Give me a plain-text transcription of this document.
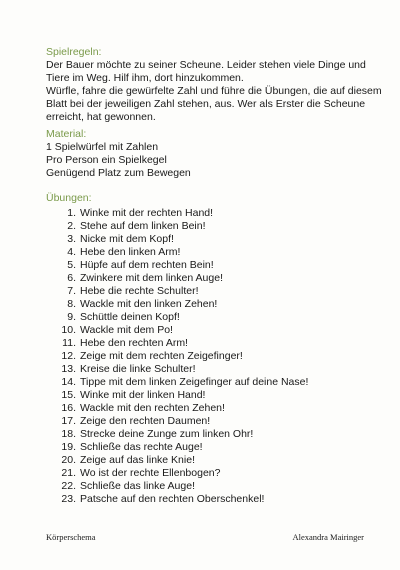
Spielregeln:
Der Bauer möchte zu seiner Scheune. Leider stehen viele Dinge und
Tiere im Weg. Hilf ihm, dort hinzukommen.
Würfle, fahre die gewürfelte Zahl und führe die Übungen, die auf diesem
Blatt bei der jeweiligen Zahl stehen, aus. Wer als Erster die Scheune
erreicht, hat gewonnen.
Material:
1 Spielwürfel mit Zahlen
Pro Person ein Spielkegel
Genügend Platz zum Bewegen
Übungen:
1. Winke mit der rechten Hand!
2. Stehe auf dem linken Bein!
3. Nicke mit dem Kopf!
4. Hebe den linken Arm!
5. Hüpfe auf dem rechten Bein!
6. Zwinkere mit dem linken Auge!
7. Hebe die rechte Schulter!
8. Wackle mit den linken Zehen!
9. Schüttle deinen Kopf!
10. Wackle mit dem Po!
11. Hebe den rechten Arm!
12. Zeige mit dem rechten Zeigefinger!
13. Kreise die linke Schulter!
14. Tippe mit dem linken Zeigefinger auf deine Nase!
15. Winke mit der linken Hand!
16. Wackle mit den rechten Zehen!
17. Zeige den rechten Daumen!
18. Strecke deine Zunge zum linken Ohr!
19. Schließe das rechte Auge!
20. Zeige auf das linke Knie!
21. Wo ist der rechte Ellenbogen?
22. Schließe das linke Auge!
23. Patsche auf den rechten Oberschenkel!
Körperschema	Alexandra Mairinger
